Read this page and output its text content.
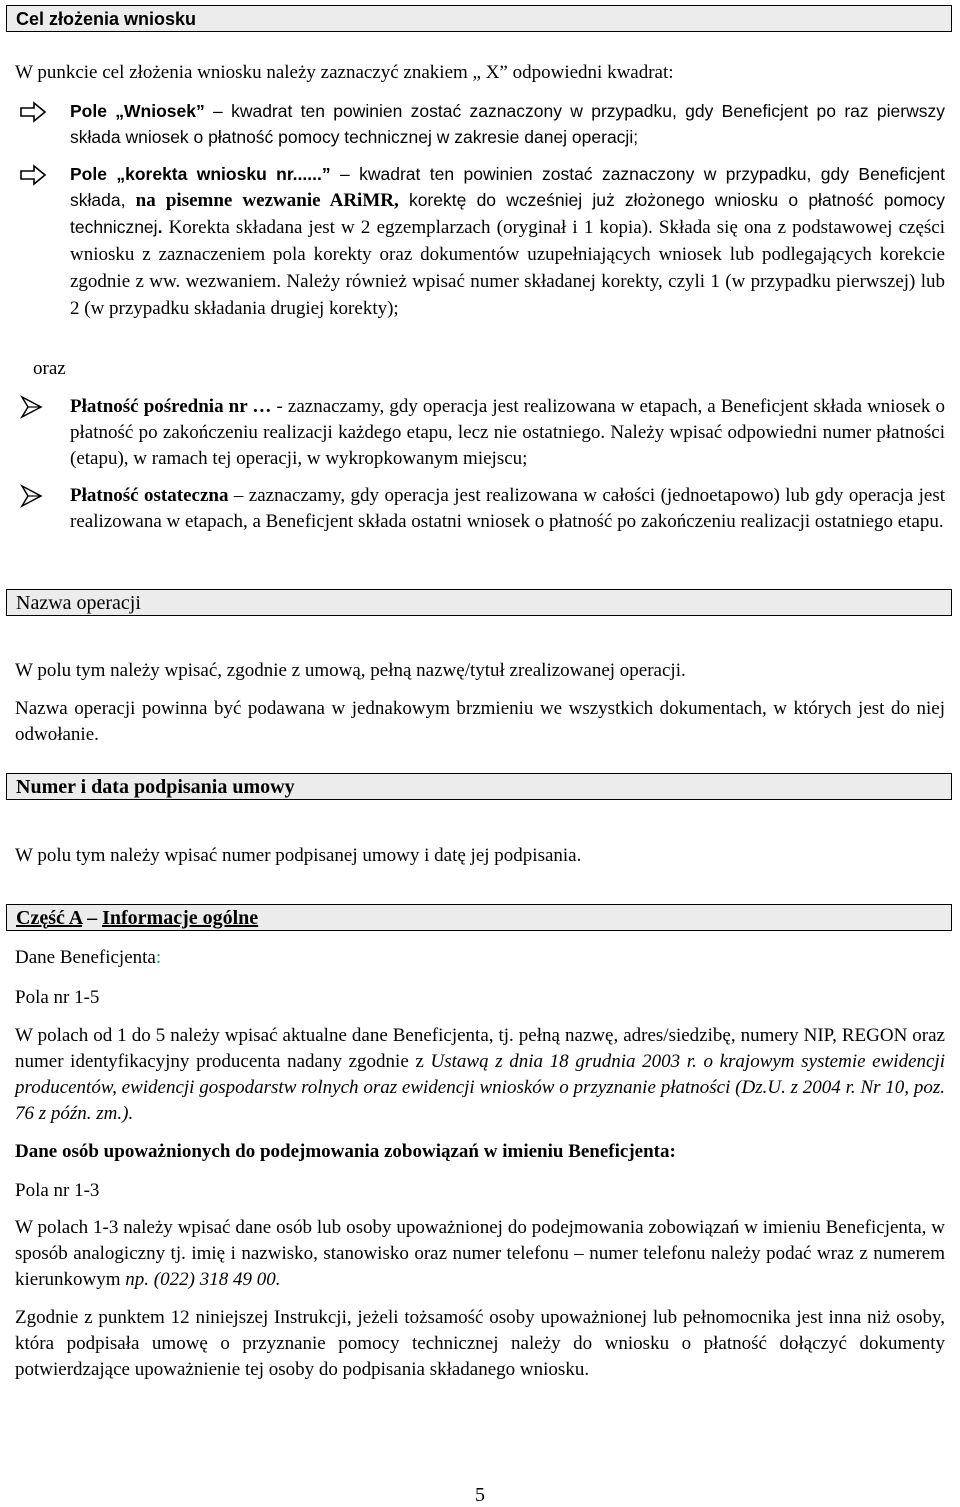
Cel złożenia wniosku

W punkcie cel złożenia wniosku należy zaznaczyć znakiem „ X” odpowiedni kwadrat:

Pole „Wniosek” – kwadrat ten powinien zostać zaznaczony w przypadku, gdy Beneficjent po raz pierwszy składa wniosek o płatność pomocy technicznej w zakresie danej operacji;

Pole „korekta wniosku nr......” – kwadrat ten powinien zostać zaznaczony w przypadku, gdy Beneficjent składa, na pisemne wezwanie ARiMR, korektę do wcześniej już złożonego wniosku o płatność pomocy technicznej. Korekta składana jest w 2 egzemplarzach (oryginał i 1 kopia). Składa się ona z podstawowej części wniosku z zaznaczeniem pola korekty oraz dokumentów uzupełniających wniosek lub podlegających korekcie zgodnie z ww. wezwaniem. Należy również wpisać numer składanej korekty, czyli 1 (w przypadku pierwszej) lub 2 (w przypadku składania drugiej korekty);

oraz

Płatność pośrednia nr … - zaznaczamy, gdy operacja jest realizowana w etapach, a Beneficjent składa wniosek o płatność po zakończeniu realizacji każdego etapu, lecz nie ostatniego. Należy wpisać odpowiedni numer płatności (etapu), w ramach tej operacji, w wykropkowanym miejscu;

Płatność ostateczna – zaznaczamy, gdy operacja jest realizowana w całości (jednoetapowo) lub gdy operacja jest realizowana w etapach, a Beneficjent składa ostatni wniosek o płatność po zakończeniu realizacji ostatniego etapu.

Nazwa operacji

W polu tym należy wpisać, zgodnie z umową, pełną nazwę/tytuł zrealizowanej operacji.

Nazwa operacji powinna być podawana w jednakowym brzmieniu we wszystkich dokumentach, w których jest do niej odwołanie.

Numer i data podpisania umowy

W polu tym należy wpisać numer podpisanej umowy i datę jej podpisania.

Część A – Informacje ogólne

Dane Beneficjenta:

Pola nr 1-5

W polach od 1 do 5 należy wpisać aktualne dane Beneficjenta, tj. pełną nazwę, adres/siedzibę, numery NIP, REGON oraz numer identyfikacyjny producenta nadany zgodnie z Ustawą z dnia 18 grudnia 2003 r. o krajowym systemie ewidencji producentów, ewidencji gospodarstw rolnych oraz ewidencji wniosków o przyznanie płatności (Dz.U. z 2004 r. Nr 10, poz. 76 z późn. zm.).

Dane osób upoważnionych do podejmowania zobowiązań w imieniu Beneficjenta:

Pola nr 1-3

W polach 1-3 należy wpisać dane osób lub osoby upoważnionej do podejmowania zobowiązań w imieniu Beneficjenta, w sposób analogiczny tj. imię i nazwisko, stanowisko oraz numer telefonu – numer telefonu należy podać wraz z numerem kierunkowym np. (022) 318 49 00.

Zgodnie z punktem 12 niniejszej Instrukcji, jeżeli tożsamość osoby upoważnionej lub pełnomocnika jest inna niż osoby, która podpisała umowę o przyznanie pomocy technicznej należy do wniosku o płatność dołączyć dokumenty potwierdzające upoważnienie tej osoby do podpisania składanego wniosku.

5
